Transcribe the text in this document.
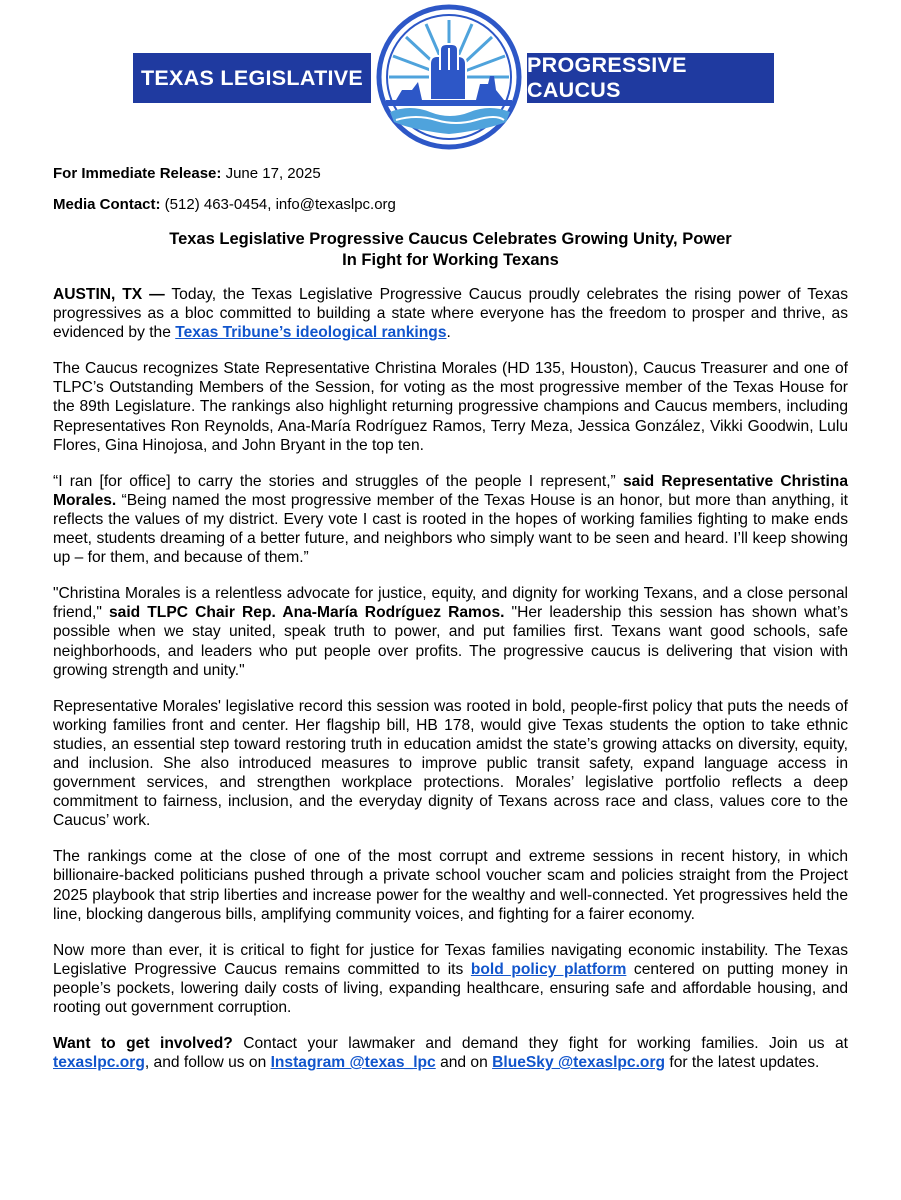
TEXAS LEGISLATIVE
PROGRESSIVE CAUCUS
For Immediate Release: June 17, 2025
Media Contact: (512) 463-0454, info@texaslpc.org
Texas Legislative Progressive Caucus Celebrates Growing Unity, Power
In Fight for Working Texans

AUSTIN, TX — Today, the Texas Legislative Progressive Caucus proudly celebrates the rising power of Texas progressives as a bloc committed to building a state where everyone has the freedom to prosper and thrive, as evidenced by the Texas Tribune’s ideological rankings.

The Caucus recognizes State Representative Christina Morales (HD 135, Houston), Caucus Treasurer and one of TLPC’s Outstanding Members of the Session, for voting as the most progressive member of the Texas House for the 89th Legislature. The rankings also highlight returning progressive champions and Caucus members, including Representatives Ron Reynolds, Ana-María Rodríguez Ramos, Terry Meza, Jessica González, Vikki Goodwin, Lulu Flores, Gina Hinojosa, and John Bryant in the top ten.

“I ran [for office] to carry the stories and struggles of the people I represent,” said Representative Christina Morales. “Being named the most progressive member of the Texas House is an honor, but more than anything, it reflects the values of my district. Every vote I cast is rooted in the hopes of working families fighting to make ends meet, students dreaming of a better future, and neighbors who simply want to be seen and heard. I’ll keep showing up – for them, and because of them.”

"Christina Morales is a relentless advocate for justice, equity, and dignity for working Texans, and a close personal friend," said TLPC Chair Rep. Ana-María Rodríguez Ramos. "Her leadership this session has shown what’s possible when we stay united, speak truth to power, and put families first. Texans want good schools, safe neighborhoods, and leaders who put people over profits. The progressive caucus is delivering that vision with growing strength and unity."

Representative Morales' legislative record this session was rooted in bold, people-first policy that puts the needs of working families front and center. Her flagship bill, HB 178, would give Texas students the option to take ethnic studies, an essential step toward restoring truth in education amidst the state’s growing attacks on diversity, equity, and inclusion. She also introduced measures to improve public transit safety, expand language access in government services, and strengthen workplace protections. Morales’ legislative portfolio reflects a deep commitment to fairness, inclusion, and the everyday dignity of Texans across race and class, values core to the Caucus’ work.

The rankings come at the close of one of the most corrupt and extreme sessions in recent history, in which billionaire-backed politicians pushed through a private school voucher scam and policies straight from the Project 2025 playbook that strip liberties and increase power for the wealthy and well-connected. Yet progressives held the line, blocking dangerous bills, amplifying community voices, and fighting for a fairer economy.

Now more than ever, it is critical to fight for justice for Texas families navigating economic instability. The Texas Legislative Progressive Caucus remains committed to its bold policy platform centered on putting money in people’s pockets, lowering daily costs of living, expanding healthcare, ensuring safe and affordable housing, and rooting out government corruption.

Want to get involved? Contact your lawmaker and demand they fight for working families. Join us at texaslpc.org, and follow us on Instagram @texas_lpc and on BlueSky @texaslpc.org for the latest updates.
